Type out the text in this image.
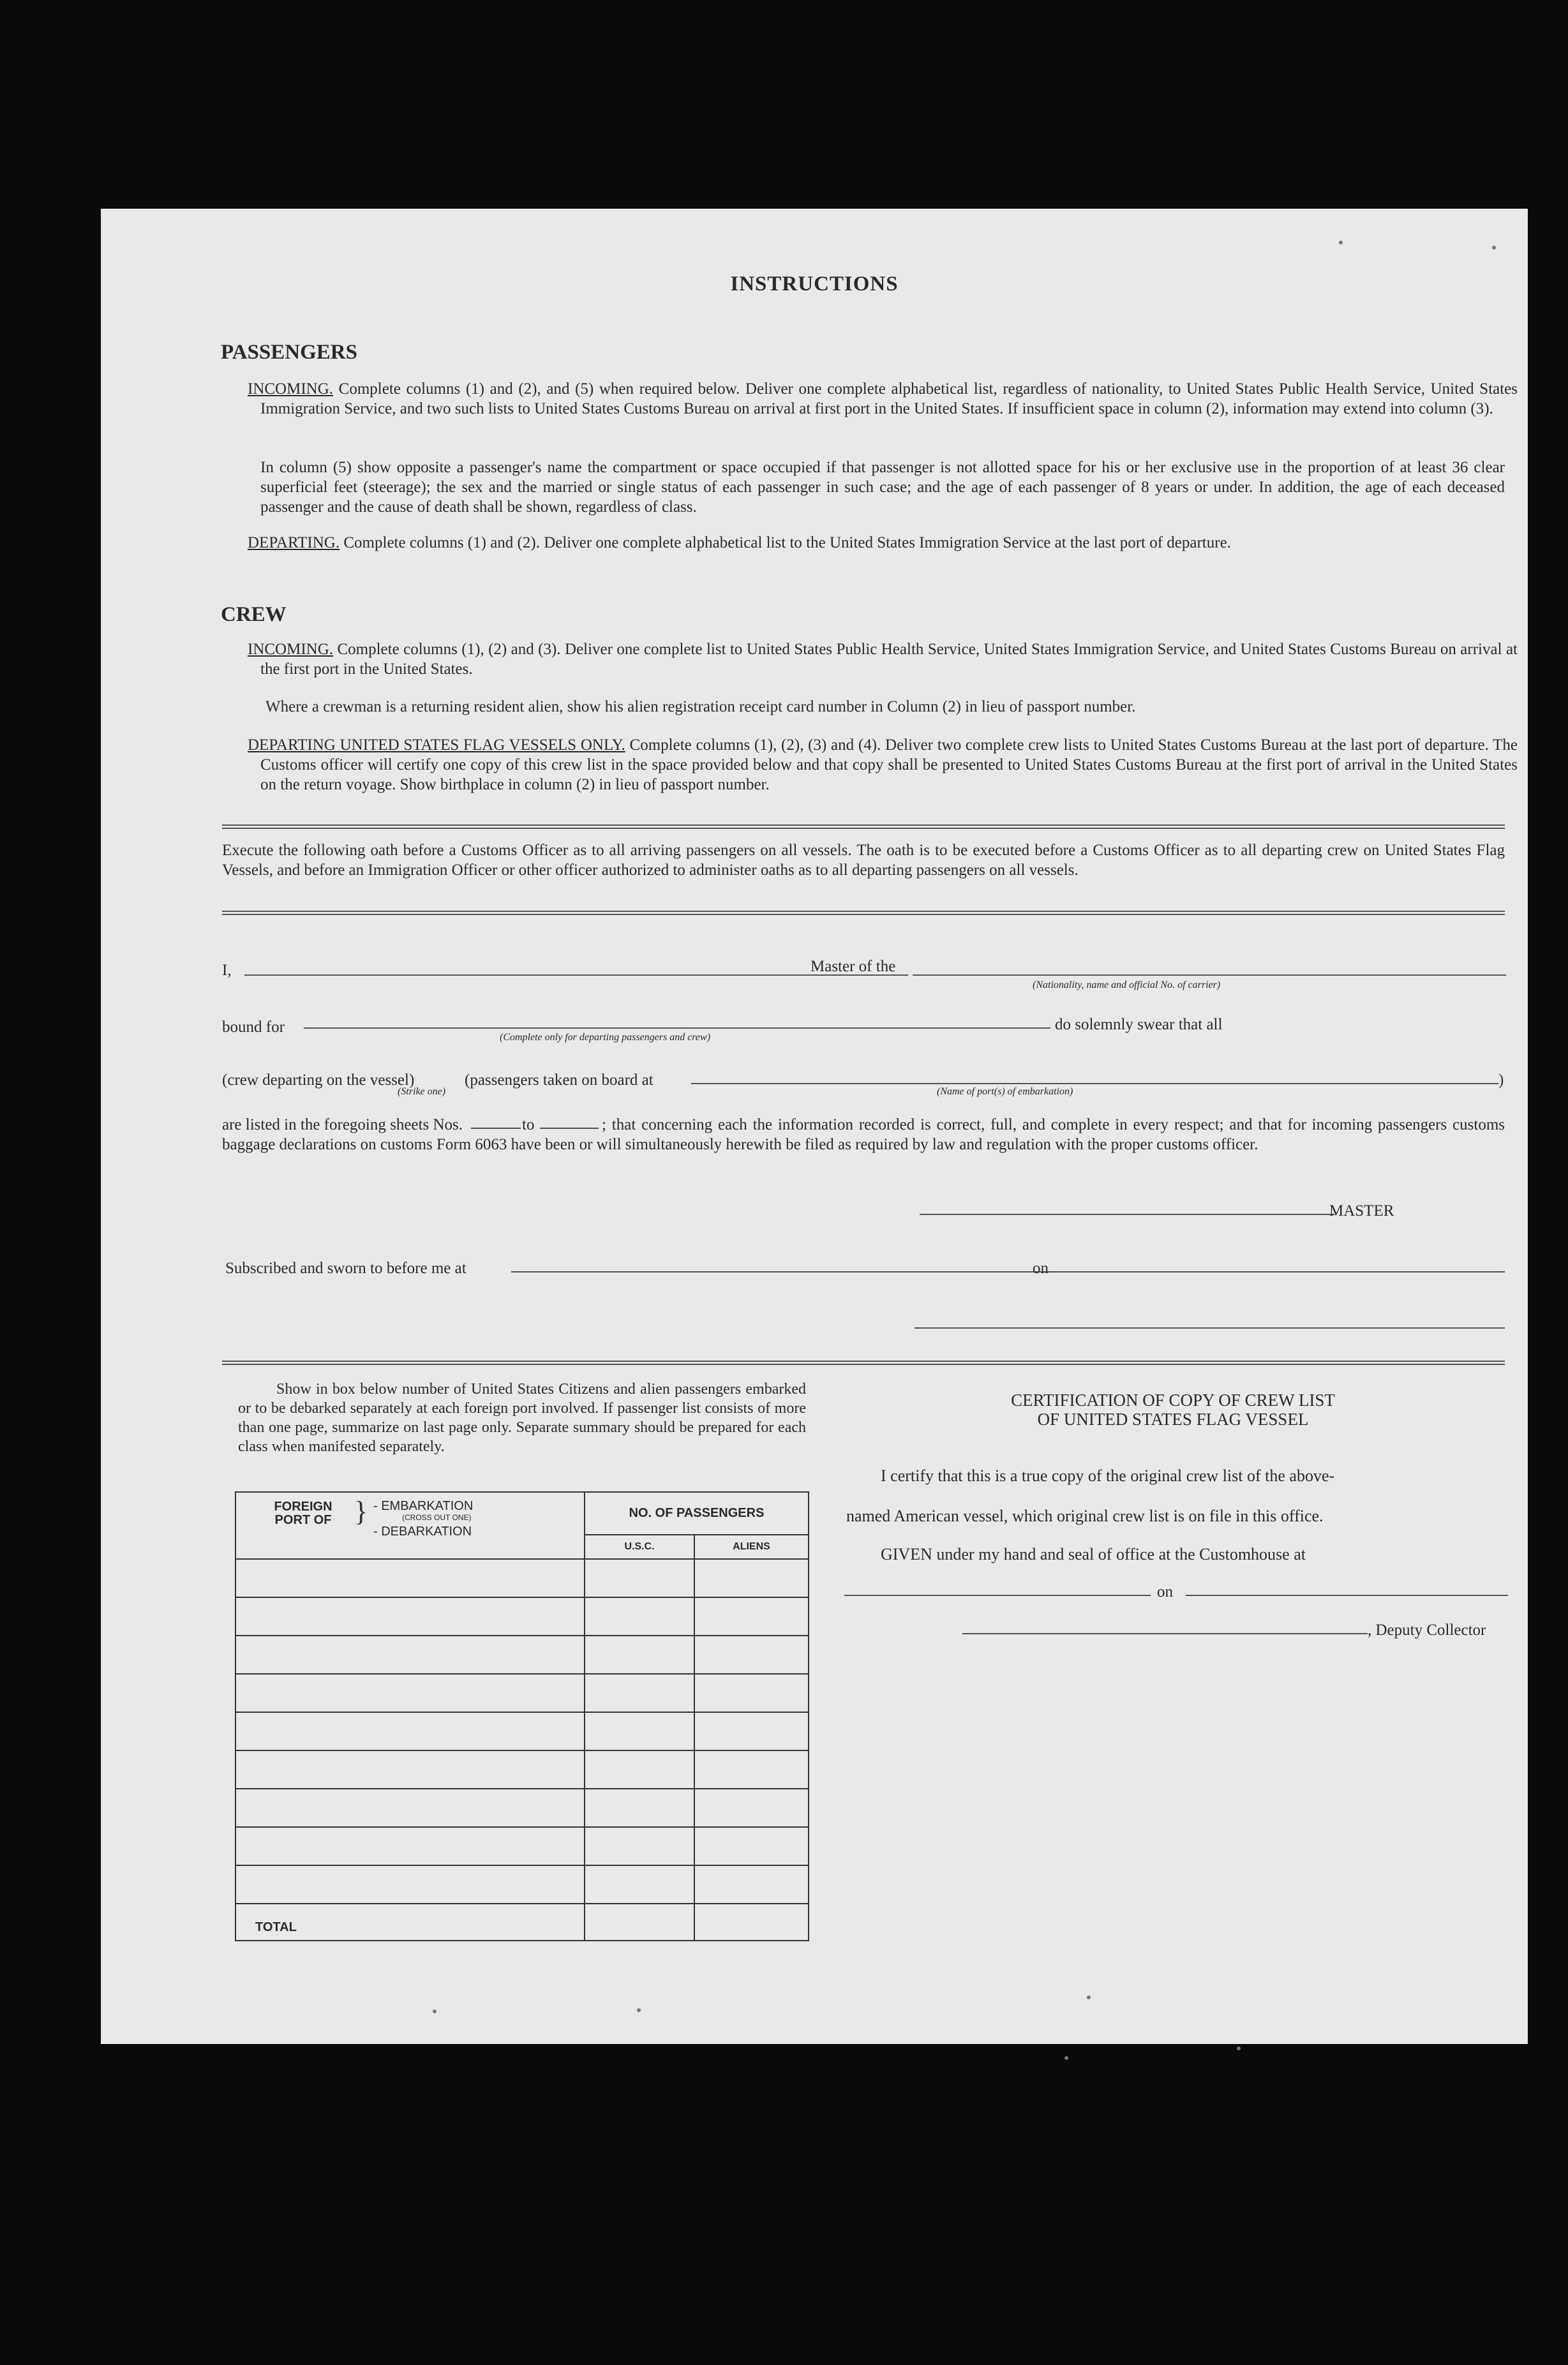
INSTRUCTIONS
PASSENGERS
INCOMING. Complete columns (1) and (2), and (5) when required below. Deliver one complete alphabetical list, regardless of nationality, to United States Public Health Service, United States Immigration Service, and two such lists to United States Customs Bureau on arrival at first port in the United States. If insufficient space in column (2), information may extend into column (3).
In column (5) show opposite a passenger's name the compartment or space occupied if that passenger is not allotted space for his or her exclusive use in the proportion of at least 36 clear superficial feet (steerage); the sex and the married or single status of each passenger in such case; and the age of each passenger of 8 years or under. In addition, the age of each deceased passenger and the cause of death shall be shown, regardless of class.
DEPARTING. Complete columns (1) and (2). Deliver one complete alphabetical list to the United States Immigration Service at the last port of departure.
CREW
INCOMING. Complete columns (1), (2) and (3). Deliver one complete list to United States Public Health Service, United States Immigration Service, and United States Customs Bureau on arrival at the first port in the United States.
Where a crewman is a returning resident alien, show his alien registration receipt card number in Column (2) in lieu of passport number.
DEPARTING UNITED STATES FLAG VESSELS ONLY. Complete columns (1), (2), (3) and (4). Deliver two complete crew lists to United States Customs Bureau at the last port of departure. The Customs officer will certify one copy of this crew list in the space provided below and that copy shall be presented to United States Customs Bureau at the first port of arrival in the United States on the return voyage. Show birthplace in column (2) in lieu of passport number.
Execute the following oath before a Customs Officer as to all arriving passengers on all vessels. The oath is to be executed before a Customs Officer as to all departing crew on United States Flag Vessels, and before an Immigration Officer or other officer authorized to administer oaths as to all departing passengers on all vessels.
I,	Master of the
(Nationality, name and official No. of carrier)
bound for
(Complete only for departing passengers and crew)
do solemnly swear that all
(crew departing on the vessel)	(passengers taken on board at	)
(Strike one)	(Name of port(s) of embarkation)
are listed in the foregoing sheets Nos.	to	; that concerning each the information recorded is correct, full, and complete in every respect; and that for incoming passengers customs baggage declarations on customs Form 6063 have been or will simultaneously herewith be filed as required by law and regulation with the proper customs officer.
MASTER
Subscribed and sworn to before me at	on
Show in box below number of United States Citizens and alien passengers embarked or to be debarked separately at each foreign port involved. If passenger list consists of more than one page, summarize on last page only. Separate summary should be prepared for each class when manifested separately.
FOREIGN PORT OF } - EMBARKATION
(CROSS OUT ONE)
- DEBARKATION	NO. OF PASSENGERS	
	U.S.C.	ALIENS

TOTAL		
CERTIFICATION OF COPY OF CREW LIST
OF UNITED STATES FLAG VESSEL
I certify that this is a true copy of the original crew list of the above-
named American vessel, which original crew list is on file in this office.
GIVEN under my hand and seal of office at the Customhouse at
on
, Deputy Collector
